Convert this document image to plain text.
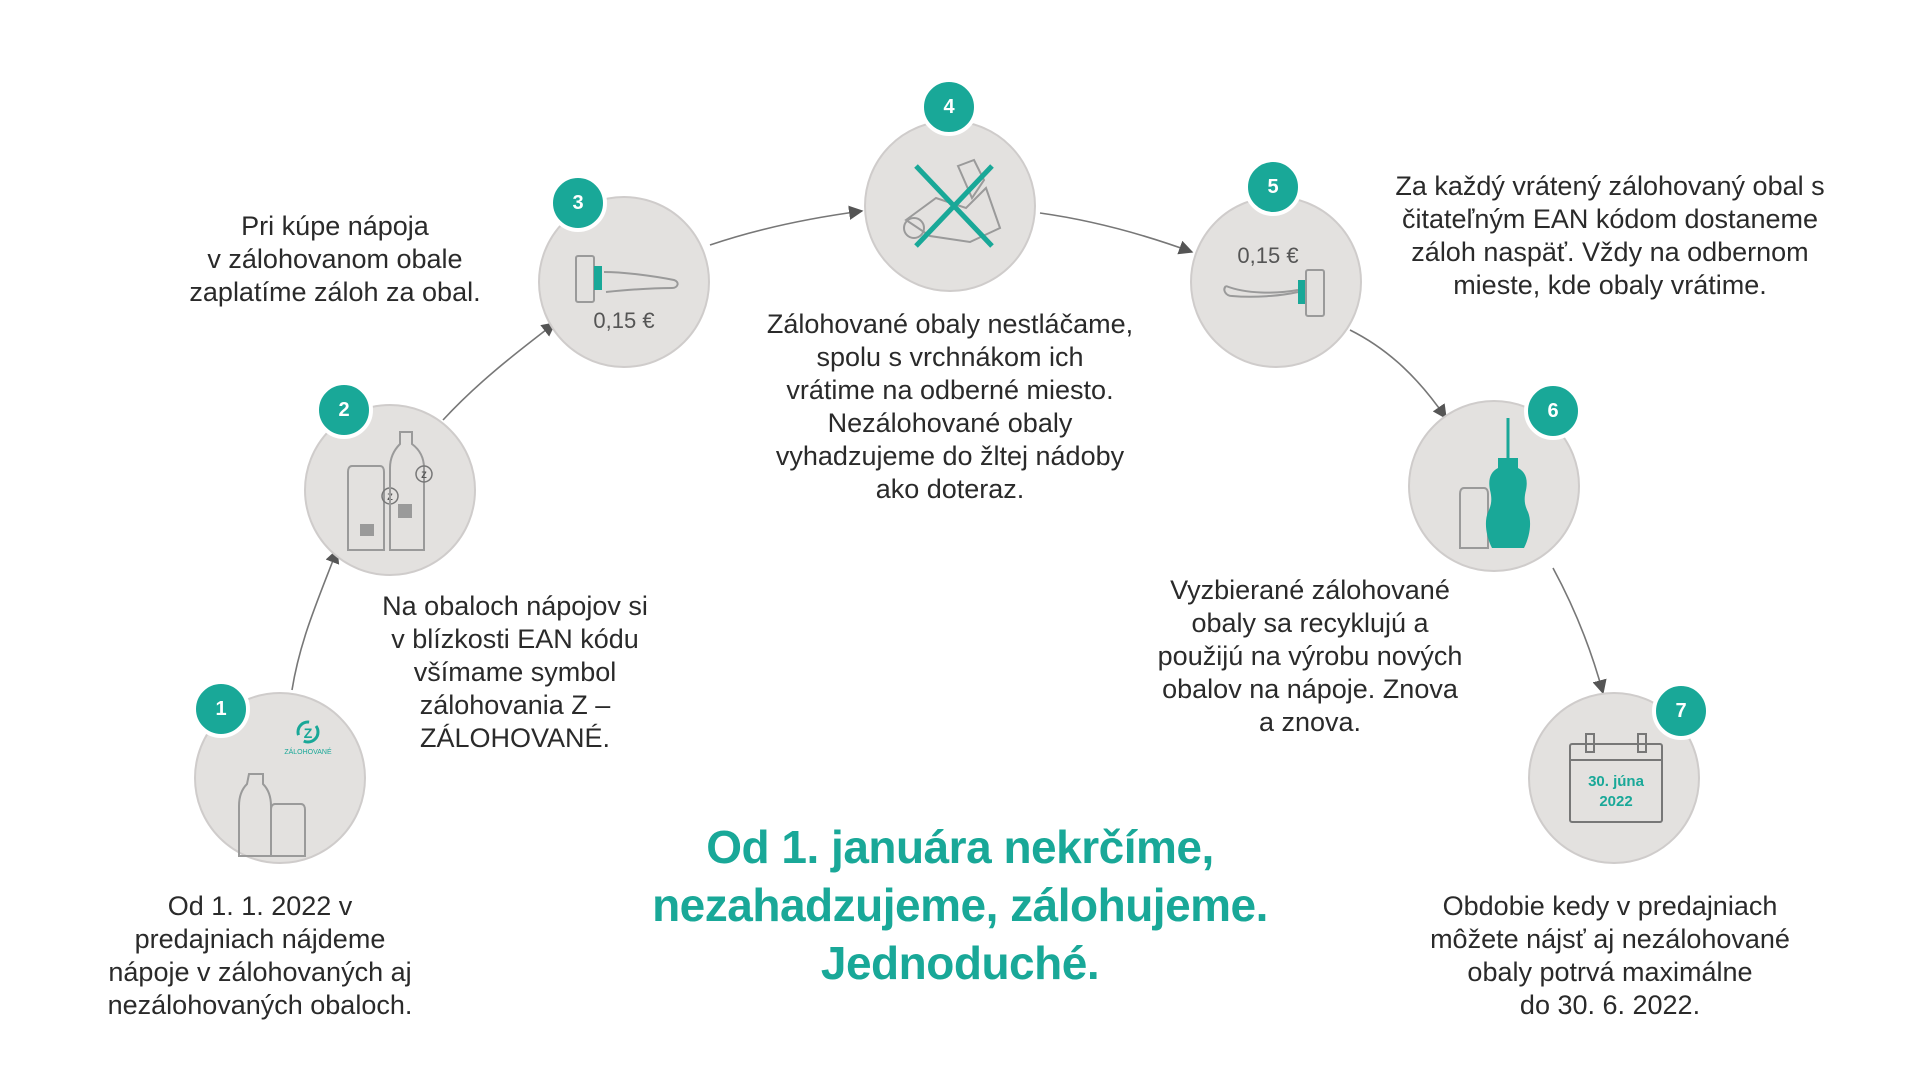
Z
ZÁLOHOVANÉ
1
Od 1. 1. 2022 v
predajniach nájdeme
nápoje v zálohovaných aj
nezálohovaných obaloch.
Z
Z
2
Na obaloch nápojov si
v blízkosti EAN kódu
všímame symbol
zálohovania Z –
ZÁLOHOVANÉ.
0,15 €
3
Pri kúpe nápoja
v zálohovanom obale
zaplatíme záloh za obal.
4
Zálohované obaly nestláčame,
spolu s vrchnákom ich
vrátime na odberné miesto.
Nezálohované obaly
vyhadzujeme do žltej nádoby
ako doteraz.
0,15 €
5	Za každý vrátený zálohovaný obal s
čitateľným EAN kódom dostaneme
záloh naspäť. Vždy na odbernom
mieste, kde obaly vrátime.
6
Vyzbierané zálohované
obaly sa recyklujú a
použijú na výrobu nových
obalov na nápoje. Znova
a znova.
30. júna
2022
7
Obdobie kedy v predajniach
môžete nájsť aj nezálohované
obaly potrvá maximálne
do 30. 6. 2022.
Od 1. januára nekrčíme,
nezahadzujeme, zálohujeme.
Jednoduché.
